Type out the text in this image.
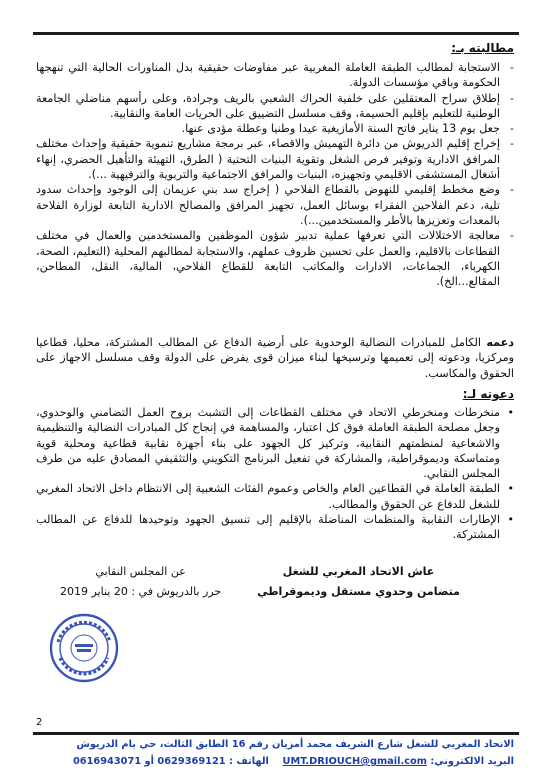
مطالبته بـ:

-
الاستجابة لمطالب الطبقة العاملة المغربية عبر مفاوضات حقيقية بدل المناورات الحالية التي تنهجها الحكومة وباقي مؤسسات الدولة.

-
إطلاق سراح المعتقلين على خلفية الحراك الشعبي بالريف وجرادة، وعلى رأسهم مناضلي الجامعة الوطنية للتعليم بإقليم الحسيمة، وقف مسلسل التضييق على الحريات العامة والنقابية.

-
جعل يوم 13 يناير فاتح السنة الأمازيغية عيدا وطنيا وعطلة مؤدى عنها.

-
إخراج إقليم الدريوش من دائرة التهميش والاقصاء، عبر برمجة مشاريع تنموية حقيقية وإحداث مختلف المرافق الادارية وتوفير فرص الشغل وتقوية البنيات التحتية ( الطرق، التهيئة والتأهيل الحضري، إنهاء أشغال المستشفى الاقليمي وتجهيزه، البنيات والمرافق الاجتماعية والتربوية والترفيهية ...).

-
وضع مخطط إقليمي للنهوض بالقطاع الفلاحي ( إخراج سد بني عزيمان إلى الوجود وإحداث سدود تلية، دعم الفلاحين الفقراء بوسائل العمل، تجهيز المرافق والمصالح الادارية التابعة لوزارة الفلاحة بالمعدات وتعزيزها بالأطر والمستخدمين...).

-
معالجة الاختلالات التي تعرفها عملية تدبير شؤون الموظفين والمستخدمين والعمال في مختلف القطاعات بالاقليم، والعمل على تحسين ظروف عملهم، والاستجابة لمطالبهم المحلية (التعليم، الصحة، الكهرباء، الجماعات، الادارات والمكاتب التابعة للقطاع الفلاحي، المالية، النقل، المطاحن، المقالع...الخ).

دعمه الكامل للمبادرات النضالية الوحدوية على أرضية الدفاع عن المطالب المشتركة، محليا، قطاعيا ومركزيا، ودعوته إلى تعميمها وترسيخها لبناء ميزان قوى يفرض على الدولة وقف مسلسل الاجهاز على الحقوق والمكاسب.
دعوته لـ:

•
منخرطات ومنخرطي الاتحاد في مختلف القطاعات إلى التشبث بروح العمل التضامني والوحدوي، وجعل مصلحة الطبقة العاملة فوق كل اعتبار، والمساهمة في إنجاح كل المبادرات النضالية والتنظيمية والاشعاعية لمنظمتهم النقابية، وتركيز كل الجهود على بناء أجهزة نقابية قطاعية ومحلية قوية ومتماسكة وديموقراطية، والمشاركة في تفعيل البرنامج التكويني والتثقيفي المصادق عليه من طرف المجلس النقابي.

•
الطبقة العاملة في القطاعين العام والخاص وعموم الفئات الشعبية إلى الانتظام داخل الاتحاد المغربي للشغل للدفاع عن الحقوق والمطالب.

•
الإطارات النقابية والمنظمات المناضلة بالإقليم إلى تنسيق الجهود وتوحيدها للدفاع عن المطالب المشتركة.

عاش الاتحاد المغربي للشغل
متضامن وحدوي مستقل وديموقراطي
عن المجلس النقابي
حرر بالدريوش في : 20 يناير 2019
2
الاتحاد المغربي للشغل شارع الشريف محمد أمزيان رقم 16 الطابق الثالث، حي يام الدريوش
البريد الالكتروني: UMT.DRIOUCH@gmail.com    الهاتف : 0629369121 أو 0616943071
